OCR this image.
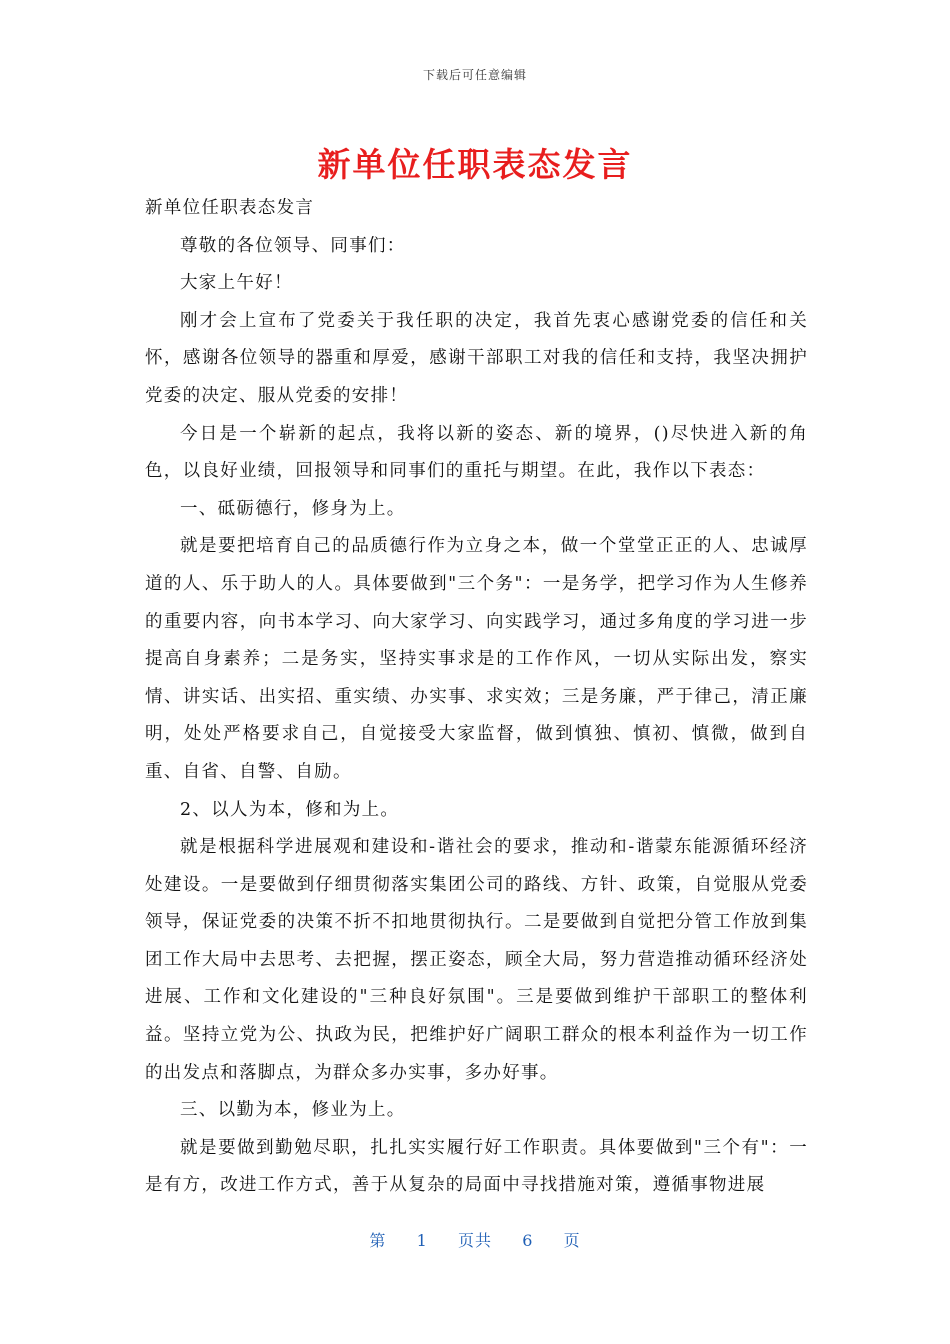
下载后可任意编辑
新单位任职表态发言

新单位任职表态发言

尊敬的各位领导、同事们：

大家上午好！

刚才会上宣布了党委关于我任职的决定，我首先衷心感谢党委的信任和关怀，感谢各位领导的器重和厚爱，感谢干部职工对我的信任和支持，我坚决拥护党委的决定、服从党委的安排！

今日是一个崭新的起点，我将以新的姿态、新的境界，()尽快进入新的角色，以良好业绩，回报领导和同事们的重托与期望。在此，我作以下表态：

一、砥砺德行，修身为上。

就是要把培育自己的品质德行作为立身之本，做一个堂堂正正的人、忠诚厚道的人、乐于助人的人。具体要做到"三个务"：一是务学，把学习作为人生修养的重要内容，向书本学习、向大家学习、向实践学习，通过多角度的学习进一步提高自身素养；二是务实，坚持实事求是的工作作风，一切从实际出发，察实情、讲实话、出实招、重实绩、办实事、求实效；三是务廉，严于律己，清正廉明，处处严格要求自己，自觉接受大家监督，做到慎独、慎初、慎微，做到自重、自省、自警、自励。

2、以人为本，修和为上。

就是根据科学进展观和建设和-谐社会的要求，推动和-谐蒙东能源循环经济处建设。一是要做到仔细贯彻落实集团公司的路线、方针、政策，自觉服从党委领导，保证党委的决策不折不扣地贯彻执行。二是要做到自觉把分管工作放到集团工作大局中去思考、去把握，摆正姿态，顾全大局，努力营造推动循环经济处进展、工作和文化建设的"三种良好氛围"。三是要做到维护干部职工的整体利益。坚持立党为公、执政为民，把维护好广阔职工群众的根本利益作为一切工作的出发点和落脚点，为群众多办实事，多办好事。

三、以勤为本，修业为上。

就是要做到勤勉尽职，扎扎实实履行好工作职责。具体要做到"三个有"：一是有方，改进工作方式，善于从复杂的局面中寻找措施对策，遵循事物进展

第 1 页共 6 页
